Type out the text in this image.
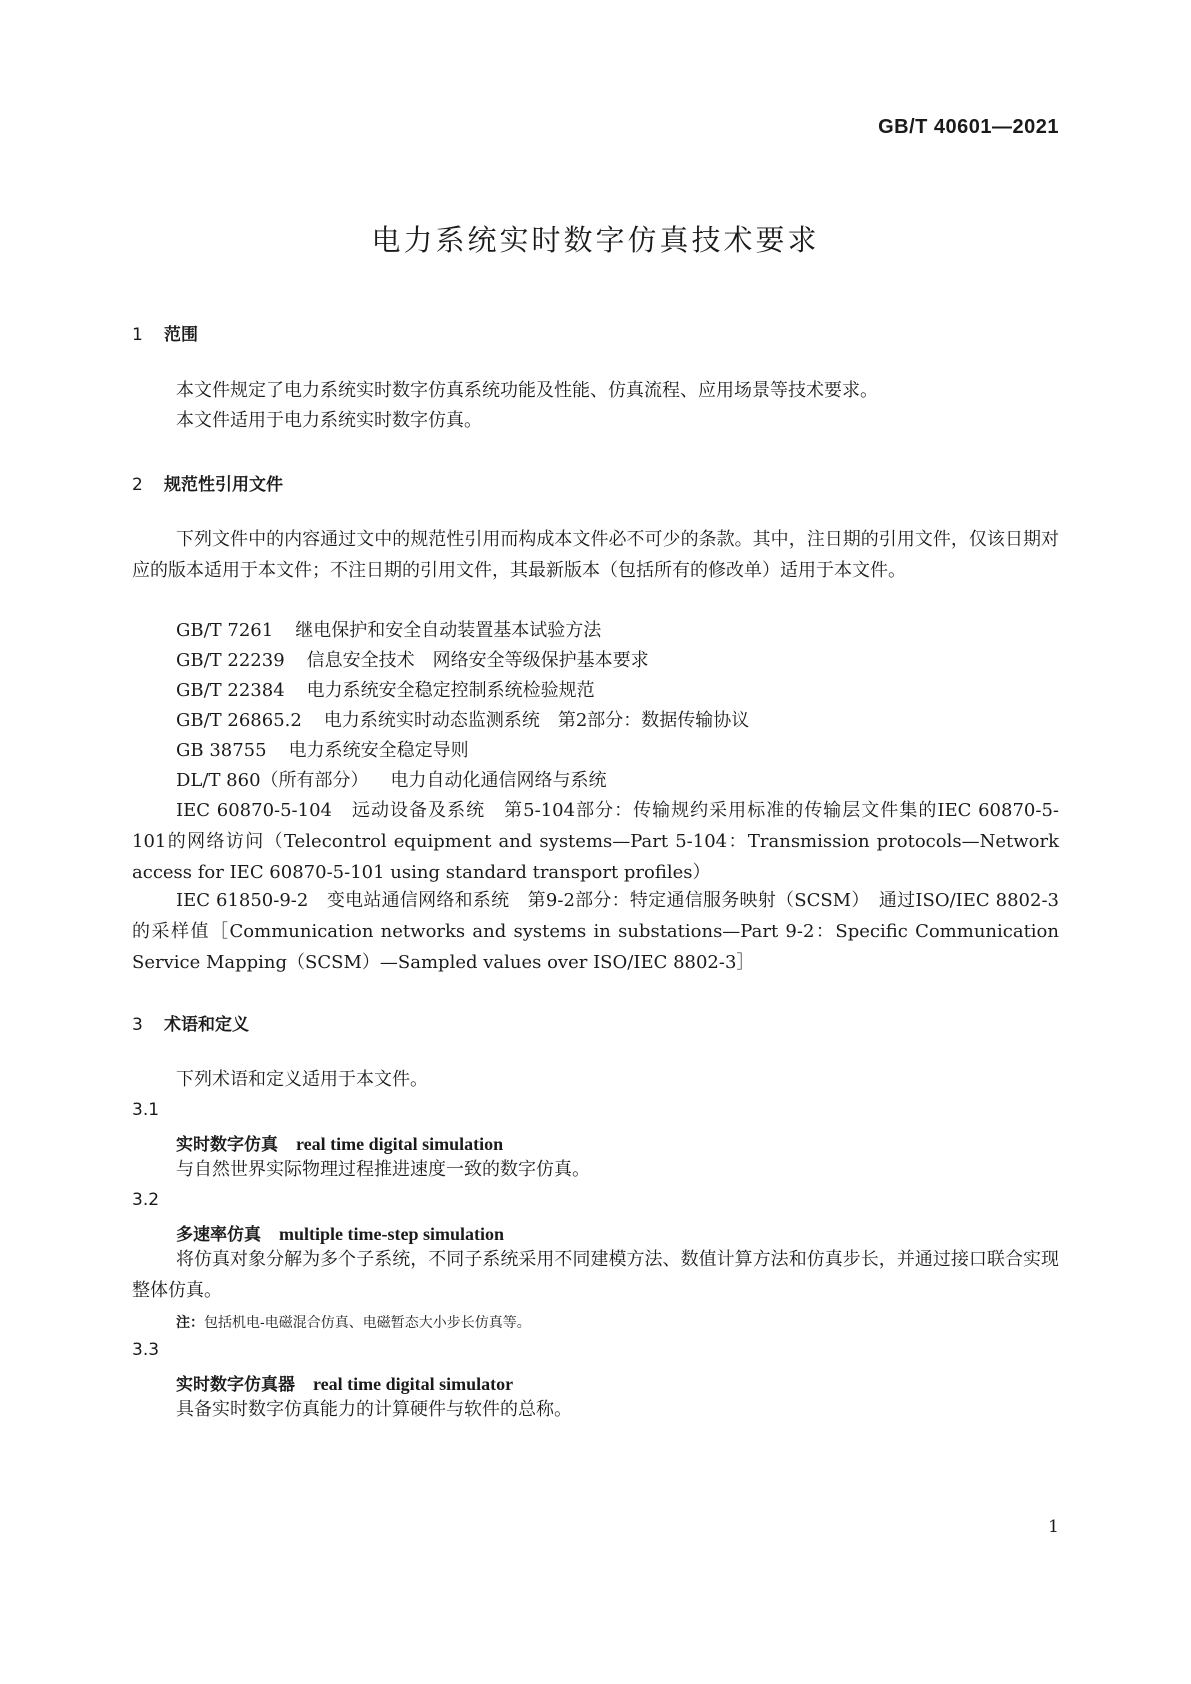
GB/T 40601—2021
电力系统实时数字仿真技术要求
1 范围
本文件规定了电力系统实时数字仿真系统功能及性能、仿真流程、应用场景等技术要求。
本文件适用于电力系统实时数字仿真。
2 规范性引用文件
下列文件中的内容通过文中的规范性引用而构成本文件必不可少的条款。其中，注日期的引用文件，仅该日期对应的版本适用于本文件；不注日期的引用文件，其最新版本（包括所有的修改单）适用于本文件。
GB/T 7261 继电保护和安全自动装置基本试验方法
GB/T 22239 信息安全技术　网络安全等级保护基本要求
GB/T 22384 电力系统安全稳定控制系统检验规范
GB/T 26865.2 电力系统实时动态监测系统　第2部分：数据传输协议
GB 38755 电力系统安全稳定导则
DL/T 860（所有部分） 电力自动化通信网络与系统
IEC 60870-5-104　远动设备及系统　第5-104部分：传输规约采用标准的传输层文件集的IEC 60870-5-101的网络访问（Telecontrol equipment and systems—Part 5-104：Transmission protocols—Network access for IEC 60870-5-101 using standard transport profiles）
IEC 61850-9-2　变电站通信网络和系统　第9-2部分：特定通信服务映射（SCSM）　通过ISO/IEC 8802-3的采样值［Communication networks and systems in substations—Part 9-2：Specific Communication Service Mapping（SCSM）—Sampled values over ISO/IEC 8802-3］
3 术语和定义
下列术语和定义适用于本文件。
3.1
实时数字仿真 real time digital simulation
与自然世界实际物理过程推进速度一致的数字仿真。
3.2
多速率仿真 multiple time-step simulation
将仿真对象分解为多个子系统，不同子系统采用不同建模方法、数值计算方法和仿真步长，并通过接口联合实现整体仿真。
注：包括机电-电磁混合仿真、电磁暂态大小步长仿真等。
3.3
实时数字仿真器 real time digital simulator
具备实时数字仿真能力的计算硬件与软件的总称。
1
